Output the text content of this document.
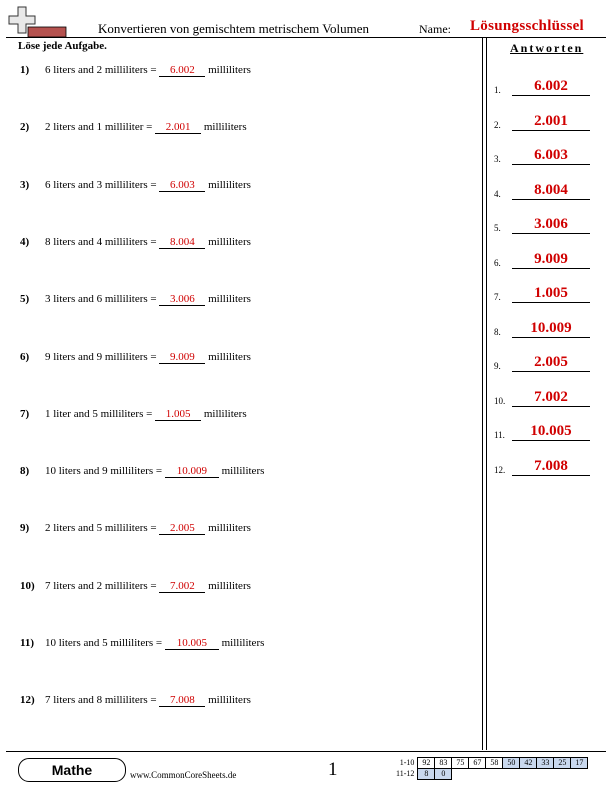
Konvertieren von gemischtem metrischem Volumen	Name: Lösungsschlüssel
Löse jede Aufgabe.	Antworten
1) 6 liters and 2 milliliters = 6.002 milliliters
2) 2 liters and 1 milliliter = 2.001 milliliters
3) 6 liters and 3 milliliters = 6.003 milliliters
4) 8 liters and 4 milliliters = 8.004 milliliters
5) 3 liters and 6 milliliters = 3.006 milliliters
6) 9 liters and 9 milliliters = 9.009 milliliters
7) 1 liter and 5 milliliters = 1.005 milliliters
8) 10 liters and 9 milliliters = 10.009 milliliters
9) 2 liters and 5 milliliters = 2.005 milliliters
10) 7 liters and 2 milliliters = 7.002 milliliters
11) 10 liters and 5 milliliters = 10.005 milliliters
12) 7 liters and 8 milliliters = 7.008 milliliters
1.	6.002
2.	2.001
3.	6.003
4.	8.004
5.	3.006
6.	9.009
7.	1.005
8.	10.009
9.	2.005
10.	7.002
11.	10.005
12.	7.008
Mathe	www.CommonCoreSheets.de	1	1-10	92	83	75	67	58	50	42	33	25	17
11-12	8	0								
